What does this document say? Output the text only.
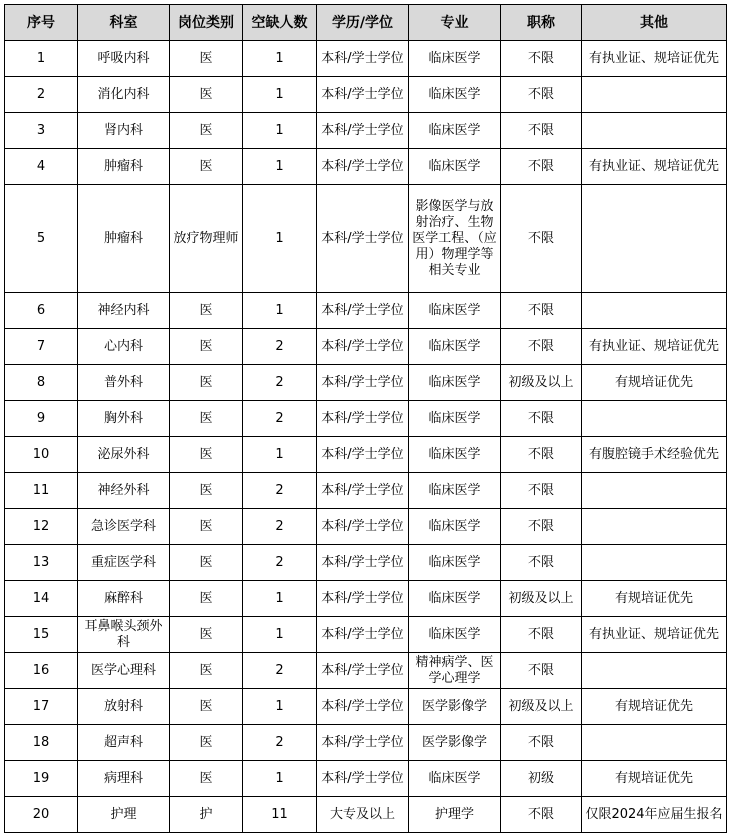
序号	科室	岗位类别	空缺人数	学历/学位	专业	职称	其他
1	呼吸内科	医	1	本科/学士学位	临床医学	不限	有执业证、规培证优先
2	消化内科	医	1	本科/学士学位	临床医学	不限	
3	肾内科	医	1	本科/学士学位	临床医学	不限	
4	肿瘤科	医	1	本科/学士学位	临床医学	不限	有执业证、规培证优先
5	肿瘤科	放疗物理师	1	本科/学士学位	影像医学与放射治疗、生物医学工程、（应用）物理学等相关专业	不限	
6	神经内科	医	1	本科/学士学位	临床医学	不限	
7	心内科	医	2	本科/学士学位	临床医学	不限	有执业证、规培证优先
8	普外科	医	2	本科/学士学位	临床医学	初级及以上	有规培证优先
9	胸外科	医	2	本科/学士学位	临床医学	不限	
10	泌尿外科	医	1	本科/学士学位	临床医学	不限	有腹腔镜手术经验优先
11	神经外科	医	2	本科/学士学位	临床医学	不限	
12	急诊医学科	医	2	本科/学士学位	临床医学	不限	
13	重症医学科	医	2	本科/学士学位	临床医学	不限	
14	麻醉科	医	1	本科/学士学位	临床医学	初级及以上	有规培证优先
15	耳鼻喉头颈外科	医	1	本科/学士学位	临床医学	不限	有执业证、规培证优先
16	医学心理科	医	2	本科/学士学位	精神病学、医学心理学	不限	
17	放射科	医	1	本科/学士学位	医学影像学	初级及以上	有规培证优先
18	超声科	医	2	本科/学士学位	医学影像学	不限	
19	病理科	医	1	本科/学士学位	临床医学	初级	有规培证优先
20	护理	护	11	大专及以上	护理学	不限	仅限2024年应届生报名
